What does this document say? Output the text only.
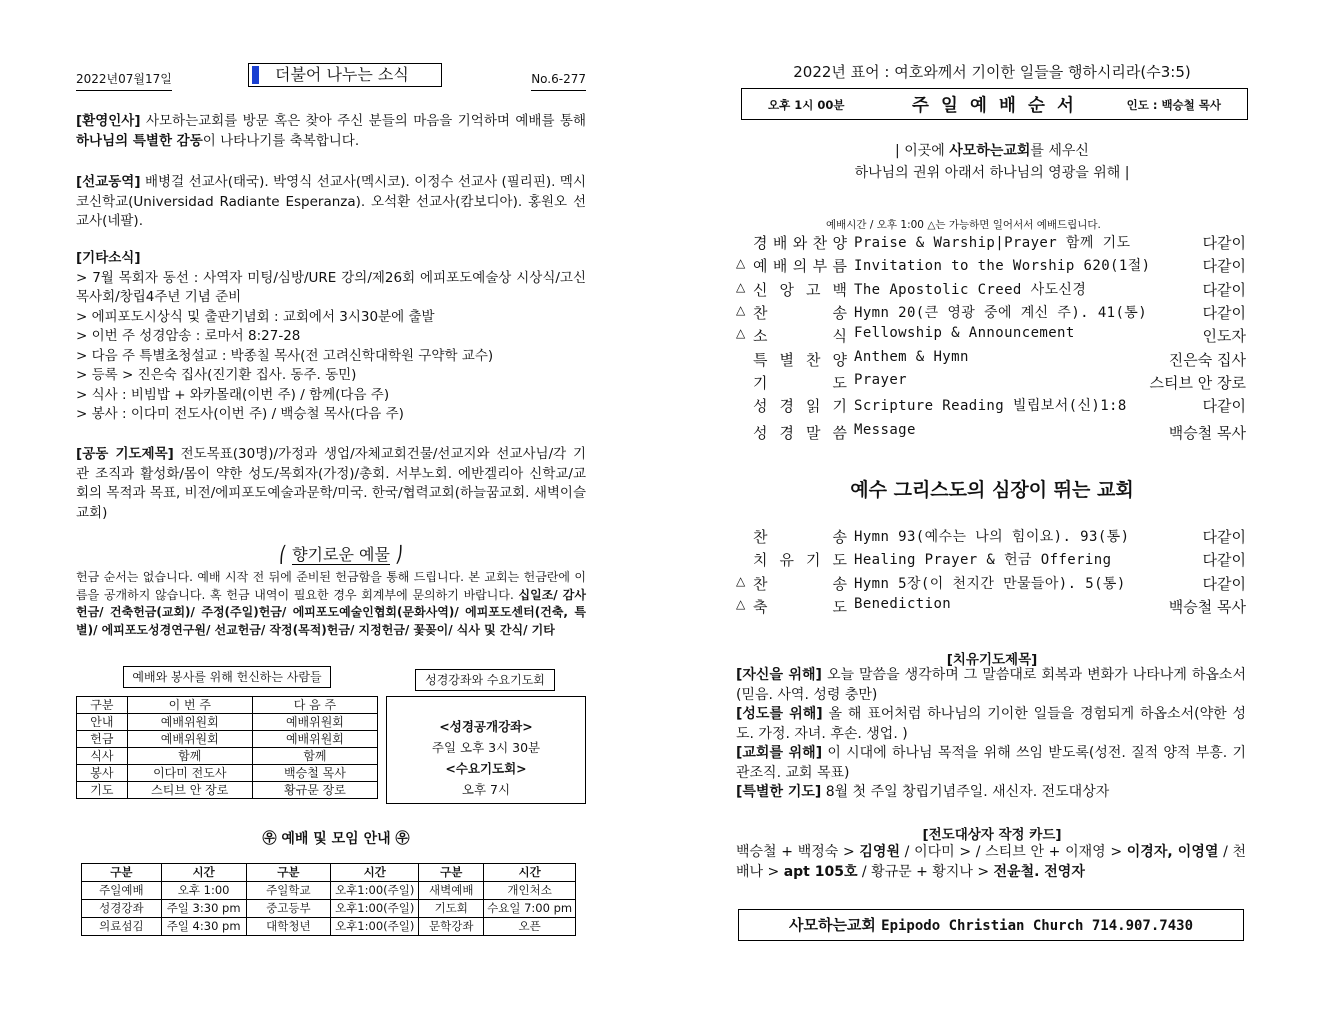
2022년07월17일	더불어 나누는 소식	No.6-277

[환영인사] 사모하는교회를 방문 혹은 찾아 주신 분들의 마음을 기억하며 예배를 통해 하나님의 특별한 감동이 나타나기를 축복합니다.

[선교동역] 배병걸 선교사(태국). 박영식 선교사(멕시코). 이정수 선교사 (필리핀). 멕시코신학교(Universidad Radiante Esperanza). 오석환 선교사(캄보디아). 홍원오 선교사(네팔).

[기타소식]

> 7월 목회자 동선 : 사역자 미팅/심방/URE 강의/제26회 에피포도예술상 시상식/고신목사회/창립4주년 기념 준비

> 에피포도시상식 및 출판기념회 : 교회에서 3시30분에 출발

> 이번 주 성경암송 : 로마서 8:27-28

> 다음 주 특별초청설교 : 박종칠 목사(전 고려신학대학원 구약학 교수)

> 등록 > 진은숙 집사(진기환 집사. 동주. 동민)

> 식사 : 비빔밥 + 와카몰래(이번 주) / 함께(다음 주)

> 봉사 : 이다미 전도사(이번 주) / 백승철 목사(다음 주)

[공동 기도제목] 전도목표(30명)/가정과 생업/자체교회건물/선교지와 선교사님/각 기관 조직과 활성화/몸이 약한 성도/목회자(가정)/총회. 서부노회. 에반겔리아 신학교/교회의 목적과 목표, 비전/에피포도예술과문학/미국. 한국/협력교회(하늘꿈교회. 새벽이슬교회)

⎛ 향기로운 예물 ⎠
헌금 순서는 없습니다. 예배 시작 전 뒤에 준비된 헌금함을 통해 드립니다. 본 교회는 헌금란에 이름을 공개하지 않습니다. 혹 헌금 내역이 필요한 경우 회계부에 문의하기 바랍니다. 십일조/ 감사헌금/ 건축헌금(교회)/ 주정(주일)헌금/ 에피포도예술인협회(문화사역)/ 에피포도센터(건축, 특별)/ 에피포도성경연구원/ 선교헌금/ 작정(목적)헌금/ 지정헌금/ 꽃꽂이/ 식사 및 간식/ 기타
예배와 봉사를 위해 헌신하는 사람들	성경강좌와 수요기도회
구분	이 번 주	다 음 주
안내	예배위원회	예배위원회
헌금	예배위원회	예배위원회
식사	함께	함께
봉사	이다미 전도사	백승철 목사
기도	스티브 안 장로	황규문 장로
<성경공개강좌>
주일 오후 3시 30분
<수요기도회>
오후 7시
㉾ 예배 및 모임 안내 ㉾
구분	시간	구분	시간	구분	시간
주일예배	오후 1:00	주일학교	오후1:00(주일)	새벽예배	개인처소
성경강좌	주일 3:30 pm	중고등부	오후1:00(주일)	기도회	수요일 7:00 pm
의료섬김	주일 4:30 pm	대학청년	오후1:00(주일)	문학강좌	오픈
2022년 표어 : 여호와께서 기이한 일들을 행하시리라(수3:5)
오후 1시 00분	주 일 예 배 순 서	인도 : 백승철 목사
| 이곳에 사모하는교회를 세우신
하나님의 권위 아래서 하나님의 영광을 위해 |
예배시간 / 오후 1:00 △는 가능하면 일어서서 예배드립니다.
경 배 와 찬 양 Praise & Warship|Prayer 함께 기도	다같이
△ 예 배 의 부 름 Invitation to the Worship 620(1절)	다같이
△ 신 앙 고 백 The Apostolic Creed 사도신경	다같이
△ 찬	송 Hymn 20(큰 영광 중에 계신 주). 41(통)	다같이
△ 소	식 Fellowship & Announcement	인도자
특 별 찬 양 Anthem & Hymn	진은숙 집사
기	도 Prayer	스티브 안 장로
성 경 읽 기 Scripture Reading 빌립보서(신)1:8	다같이
성 경 말 씀 Message	백승철 목사
예수 그리스도의 심장이 뛰는 교회
찬	송 Hymn 93(예수는 나의 힘이요). 93(통)	다같이
치 유 기 도 Healing Prayer & 헌금 Offering	다같이
△ 찬	송 Hymn 5장(이 천지간 만물들아). 5(통)	다같이
△ 축	도 Benediction	백승철 목사
[치유기도제목]

[자신을 위해] 오늘 말씀을 생각하며 그 말씀대로 회복과 변화가 나타나게 하옵소서(믿음. 사역. 성령 충만)

[성도를 위해] 올 해 표어처럼 하나님의 기이한 일들을 경험되게 하옵소서(약한 성도. 가정. 자녀. 후손. 생업. )

[교회를 위해] 이 시대에 하나님 목적을 위해 쓰임 받도록(성전. 질적 양적 부흥. 기관조직. 교회 목표)

[특별한 기도] 8월 첫 주일 창립기념주일. 새신자. 전도대상자

[전도대상자 작정 카드]
백승철 + 백정숙 > 김영원 / 이다미 > / 스티브 안 + 이재영 > 이경자, 이영열 / 천배나 > apt 105호 / 황규문 + 황지나 > 전윤철. 전영자
사모하는교회 Epipodo Christian Church 714.907.7430
